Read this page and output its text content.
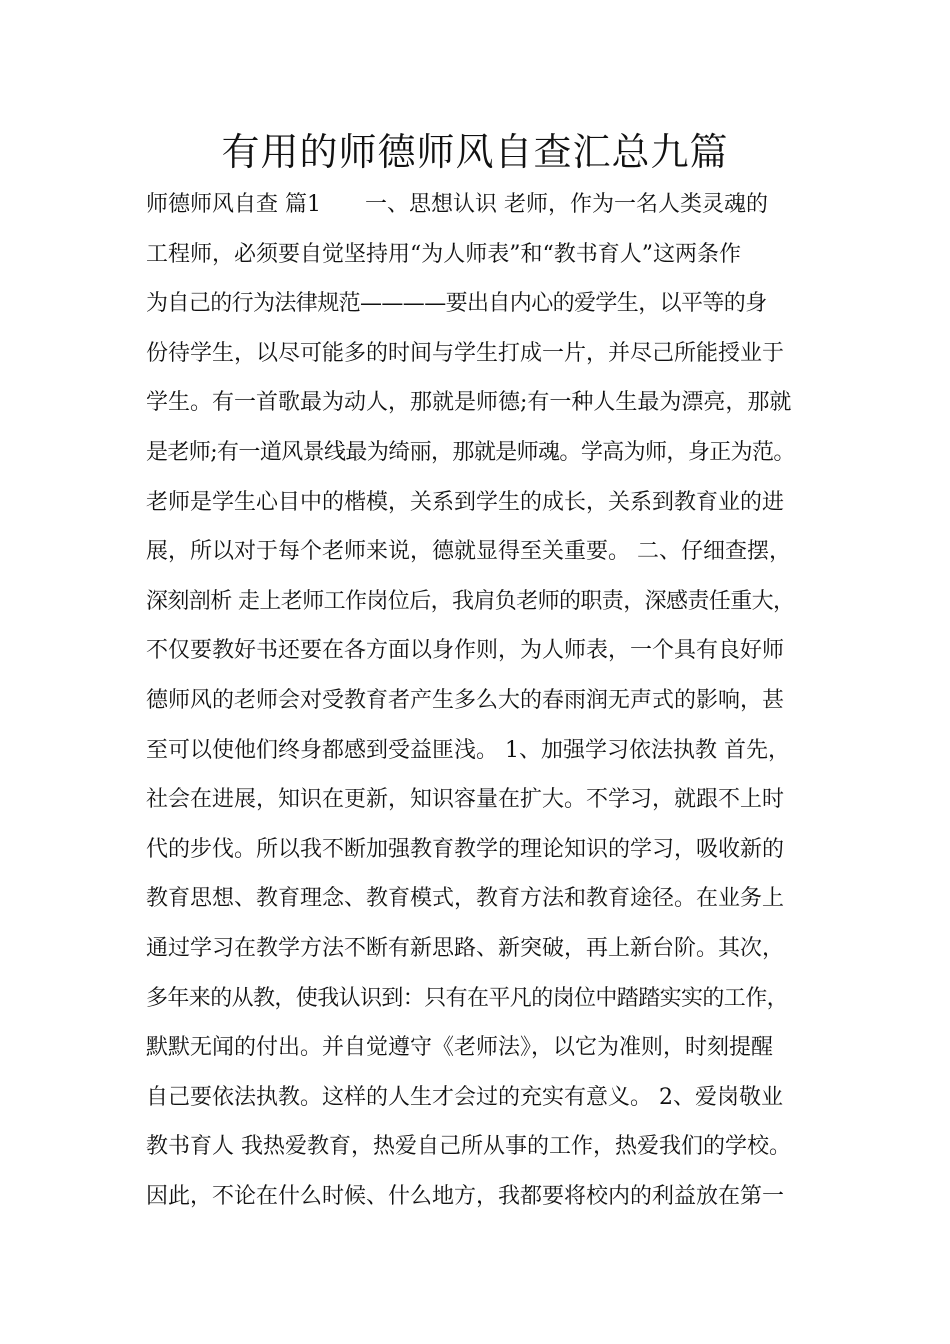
有用的师德师风自查汇总九篇
师德师风自查 篇1　　一、思想认识 老师，作为一名人类灵魂的
工程师，必须要自觉坚持用“为人师表”和“教书育人”这两条作
为自己的行为法律规范————要出自内心的爱学生，以平等的身
份待学生，以尽可能多的时间与学生打成一片，并尽己所能授业于
学生。有一首歌最为动人，那就是师德;有一种人生最为漂亮，那就
是老师;有一道风景线最为绮丽，那就是师魂。学高为师，身正为范。
老师是学生心目中的楷模，关系到学生的成长，关系到教育业的进
展，所以对于每个老师来说，德就显得至关重要。 二、仔细查摆，
深刻剖析 走上老师工作岗位后，我肩负老师的职责，深感责任重大，
不仅要教好书还要在各方面以身作则，为人师表，一个具有良好师
德师风的老师会对受教育者产生多么大的春雨润无声式的影响，甚
至可以使他们终身都感到受益匪浅。 1、加强学习依法执教 首先，
社会在进展，知识在更新，知识容量在扩大。不学习，就跟不上时
代的步伐。所以我不断加强教育教学的理论知识的学习，吸收新的
教育思想、教育理念、教育模式，教育方法和教育途径。在业务上
通过学习在教学方法不断有新思路、新突破，再上新台阶。其次，
多年来的从教，使我认识到：只有在平凡的岗位中踏踏实实的工作，
默默无闻的付出。并自觉遵守《老师法》，以它为准则，时刻提醒
自己要依法执教。这样的人生才会过的充实有意义。 2、爱岗敬业
教书育人 我热爱教育，热爱自己所从事的工作，热爱我们的学校。
因此，不论在什么时候、什么地方，我都要将校内的利益放在第一
